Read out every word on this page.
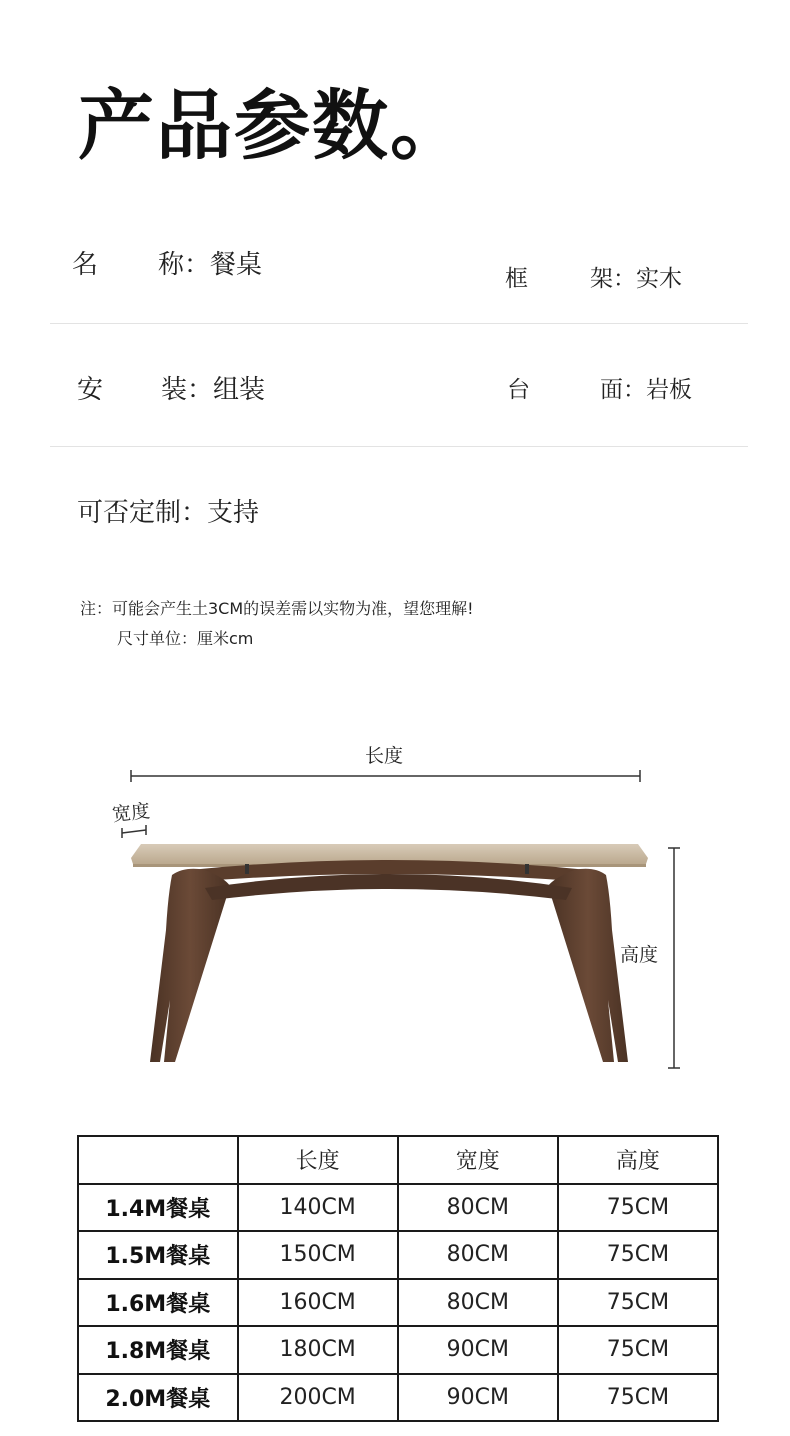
产品参数。
名 称：餐桌	框	架：实木
安 装：组装	台	面：岩板
可否定制：支持
注：可能会产生土3CM的误差需以实物为准，望您理解!
尺寸单位：厘米cm
长度
宽度
高度
	长度	宽度	高度
1.4M餐桌	140CM	80CM	75CM
1.5M餐桌	150CM	80CM	75CM
1.6M餐桌	160CM	80CM	75CM
1.8M餐桌	180CM	90CM	75CM
2.0M餐桌	200CM	90CM	75CM
